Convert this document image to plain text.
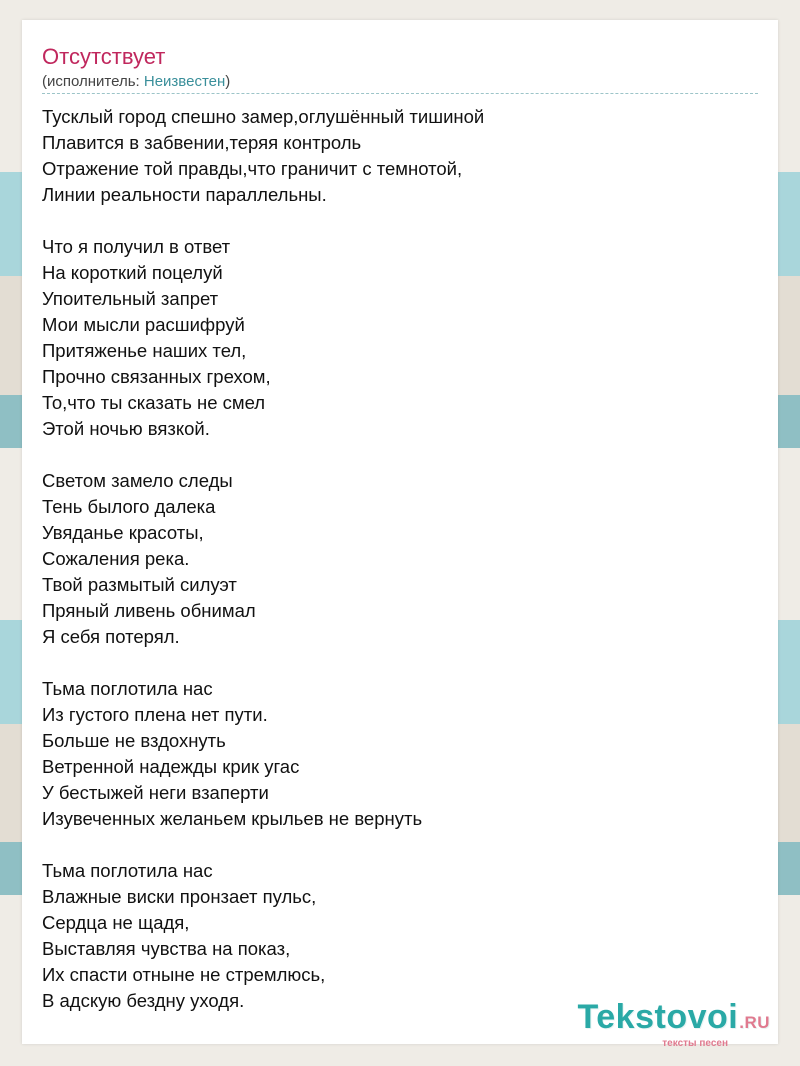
Отсутствует
(исполнитель: Неизвестен)
Тусклый город спешно замер,оглушённый тишиной
Плавится в забвении,теряя контроль
Отражение той правды,что граничит с темнотой,
Линии реальности параллельны.
Что я получил в ответ
На короткий поцелуй
Упоительный запрет
Мои мысли расшифруй
Притяженье наших тел,
Прочно связанных грехом,
То,что ты сказать не смел
Этой ночью вязкой.
Светом замело следы
Тень былого далека
Увяданье красоты,
Сожаления река.
Твой размытый силуэт
Пряный ливень обнимал
Я себя потерял.
Тьма поглотила нас
Из густого плена нет пути.
Больше не вздохнуть
Ветренной надежды крик угас
У бестыжей неги взаперти
Изувеченных желаньем крыльев не вернуть
Тьма поглотила нас
Влажные виски пронзает пульс,
Сердца не щадя,
Выставляя чувства на показ,
Их спасти отныне не стремлюсь,
В адскую бездну уходя.	Tekstovoi.RU
тексты песен
